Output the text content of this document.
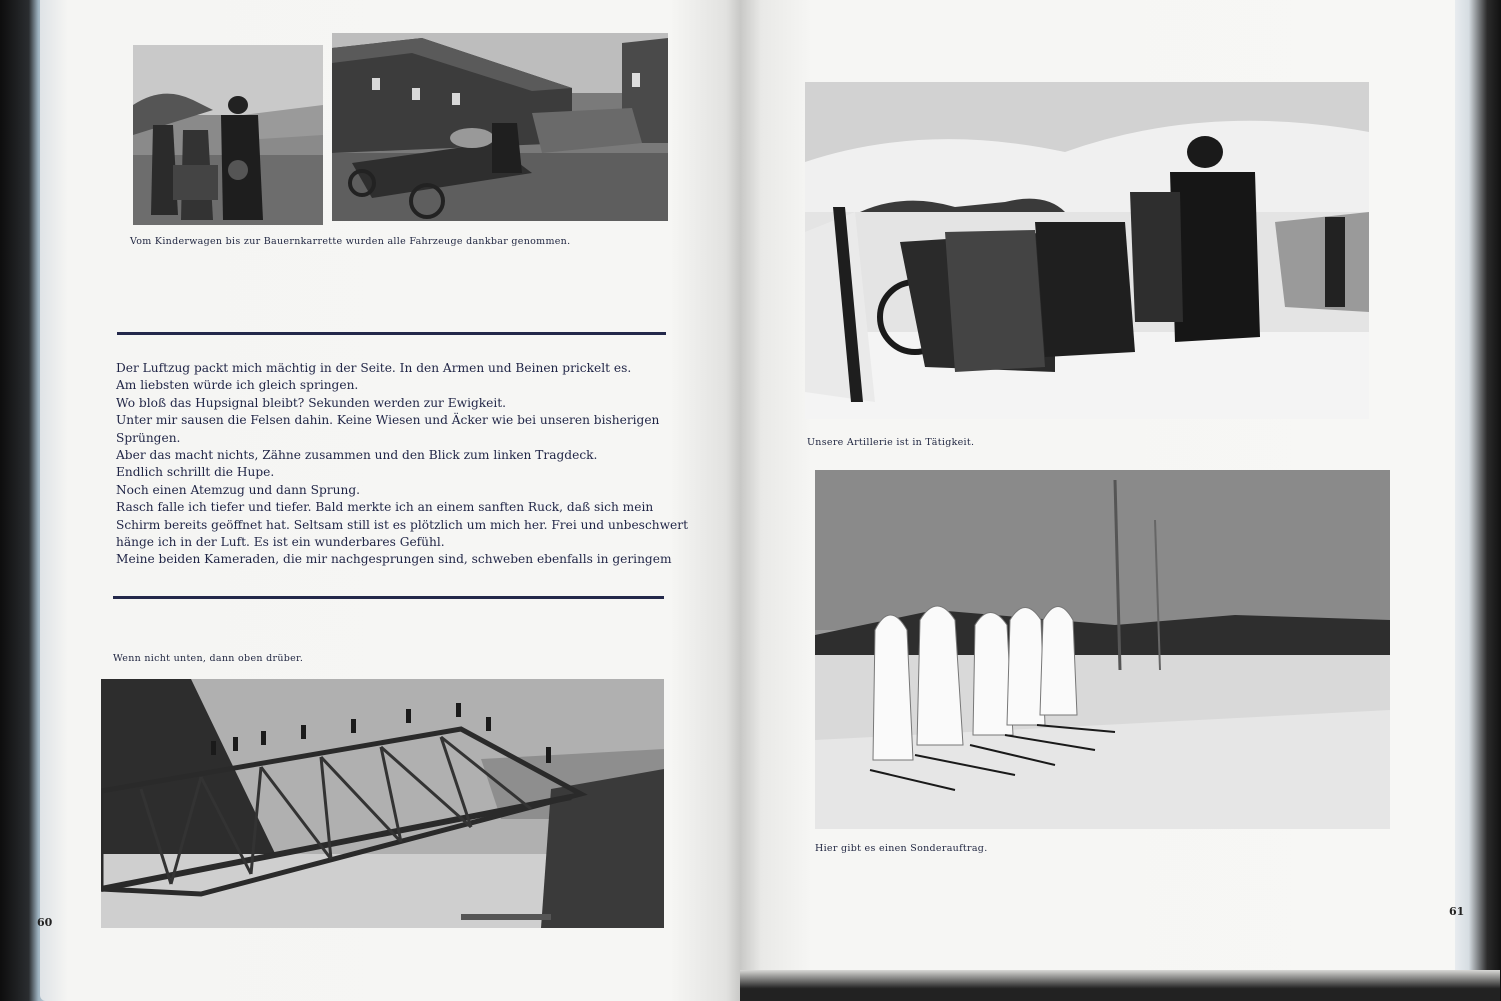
Vom Kinderwagen bis zur Bauernkarrette wurden alle Fahrzeuge dankbar genommen.
Der Luftzug packt mich mächtig in der Seite. In den Armen und Beinen prickelt es.
Am liebsten würde ich gleich springen.
Wo bloß das Hupsignal bleibt? Sekunden werden zur Ewigkeit.
Unter mir sausen die Felsen dahin. Keine Wiesen und Äcker wie bei unseren bisherigen
Sprüngen.
Aber das macht nichts, Zähne zusammen und den Blick zum linken Tragdeck.
Endlich schrillt die Hupe.
Noch einen Atemzug und dann Sprung.
Rasch falle ich tiefer und tiefer. Bald merkte ich an einem sanften Ruck, daß sich mein
Schirm bereits geöffnet hat. Seltsam still ist es plötzlich um mich her. Frei und unbeschwert
hänge ich in der Luft. Es ist ein wunderbares Gefühl.
Meine beiden Kameraden, die mir nachgesprungen sind, schweben ebenfalls in geringem
Wenn nicht unten, dann oben drüber.
60
Unsere Artillerie ist in Tätigkeit.
Hier gibt es einen Sonderauftrag.
61
